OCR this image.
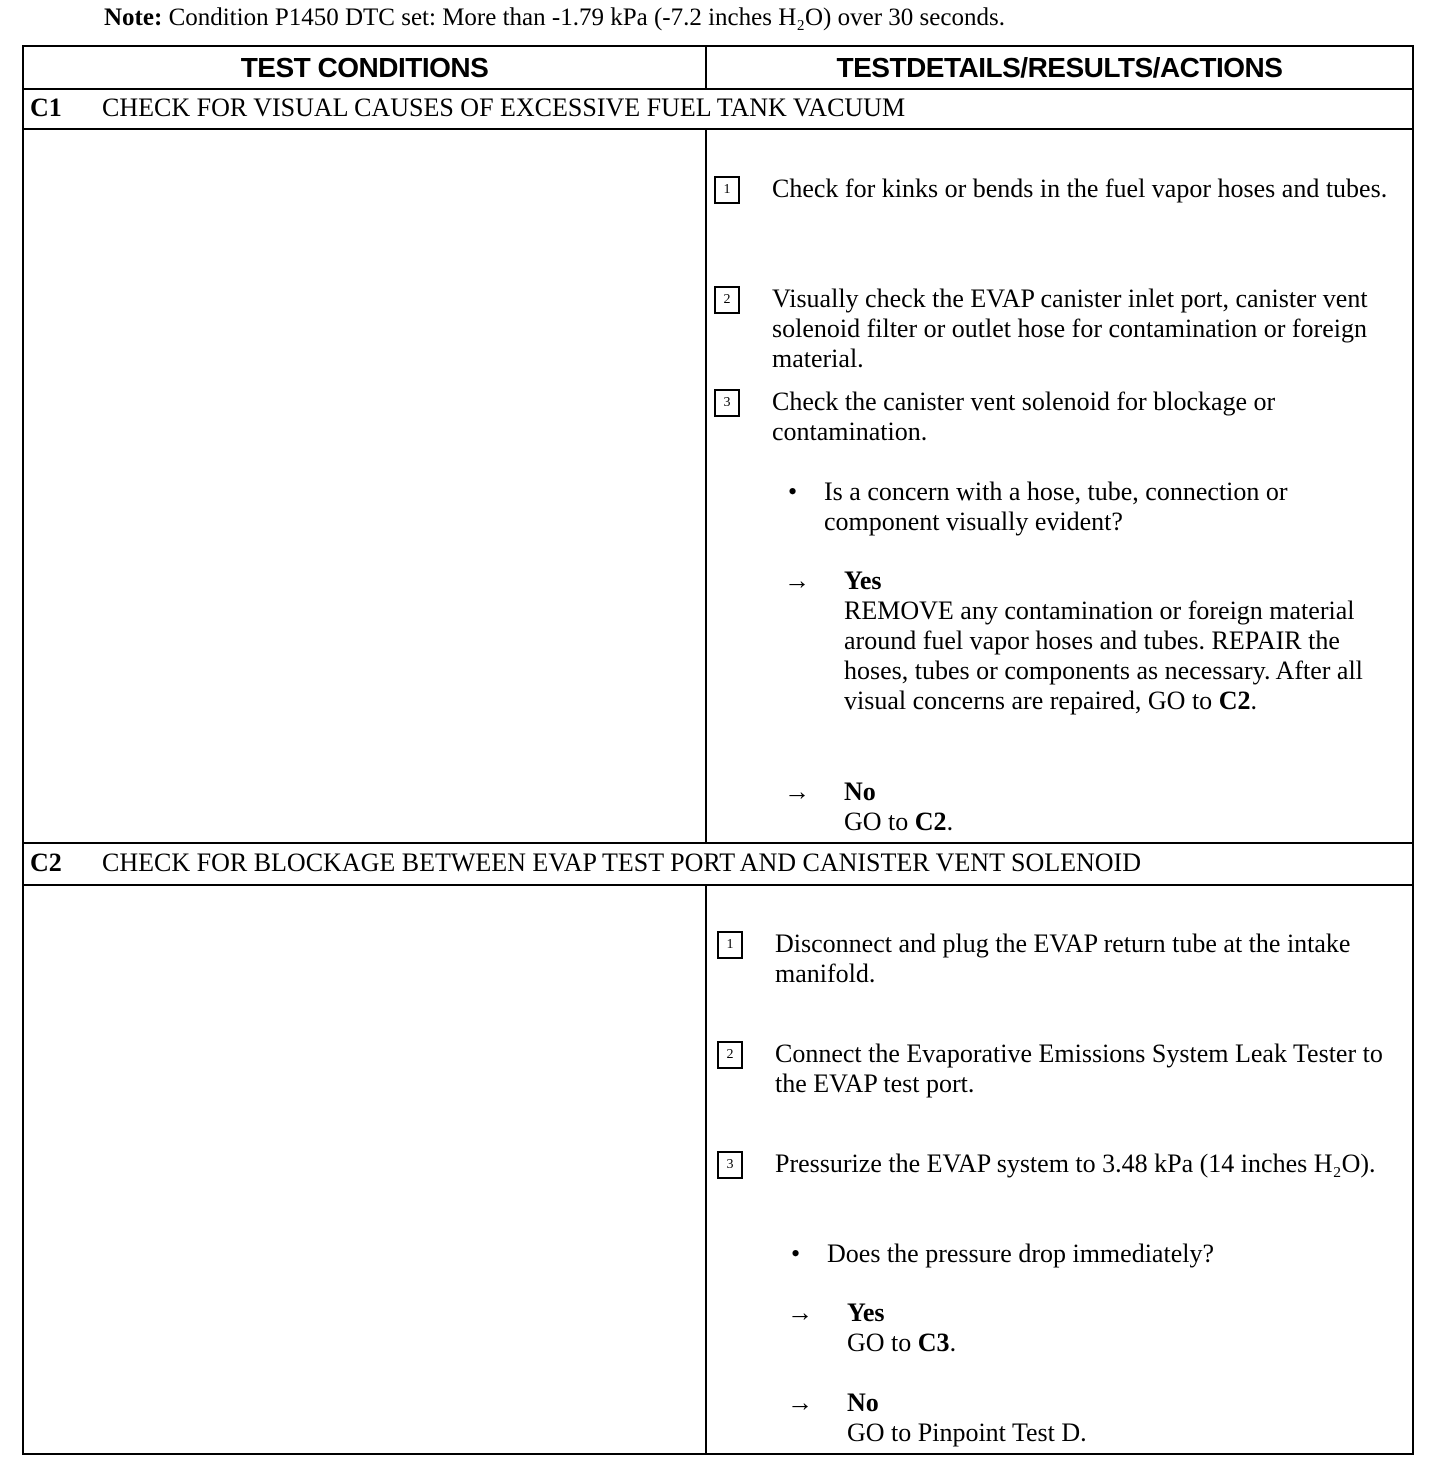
Note: Condition P1450 DTC set: More than -1.79 kPa (-7.2 inches H₂O) over 30 seconds.
TEST CONDITIONS	TESTDETAILS/RESULTS/ACTIONS
C1 CHECK FOR VISUAL CAUSES OF EXCESSIVE FUEL TANK VACUUM
1	Check for kinks or bends in the fuel vapor hoses and tubes.
2	Visually check the EVAP canister inlet port, canister vent solenoid filter or outlet hose for contamination or foreign material.
3	Check the canister vent solenoid for blockage or contamination.
• Is a concern with a hose, tube, connection or component visually evident?
→ Yes
REMOVE any contamination or foreign material around fuel vapor hoses and tubes. REPAIR the hoses, tubes or components as necessary. After all visual concerns are repaired, GO to C2.
→ No
GO to C2.
C2 CHECK FOR BLOCKAGE BETWEEN EVAP TEST PORT AND CANISTER VENT SOLENOID
1	Disconnect and plug the EVAP return tube at the intake manifold.
2	Connect the Evaporative Emissions System Leak Tester to the EVAP test port.
3	Pressurize the EVAP system to 3.48 kPa (14 inches H₂O).
• Does the pressure drop immediately?
→ Yes
GO to C3.
→ No
GO to Pinpoint Test D.
